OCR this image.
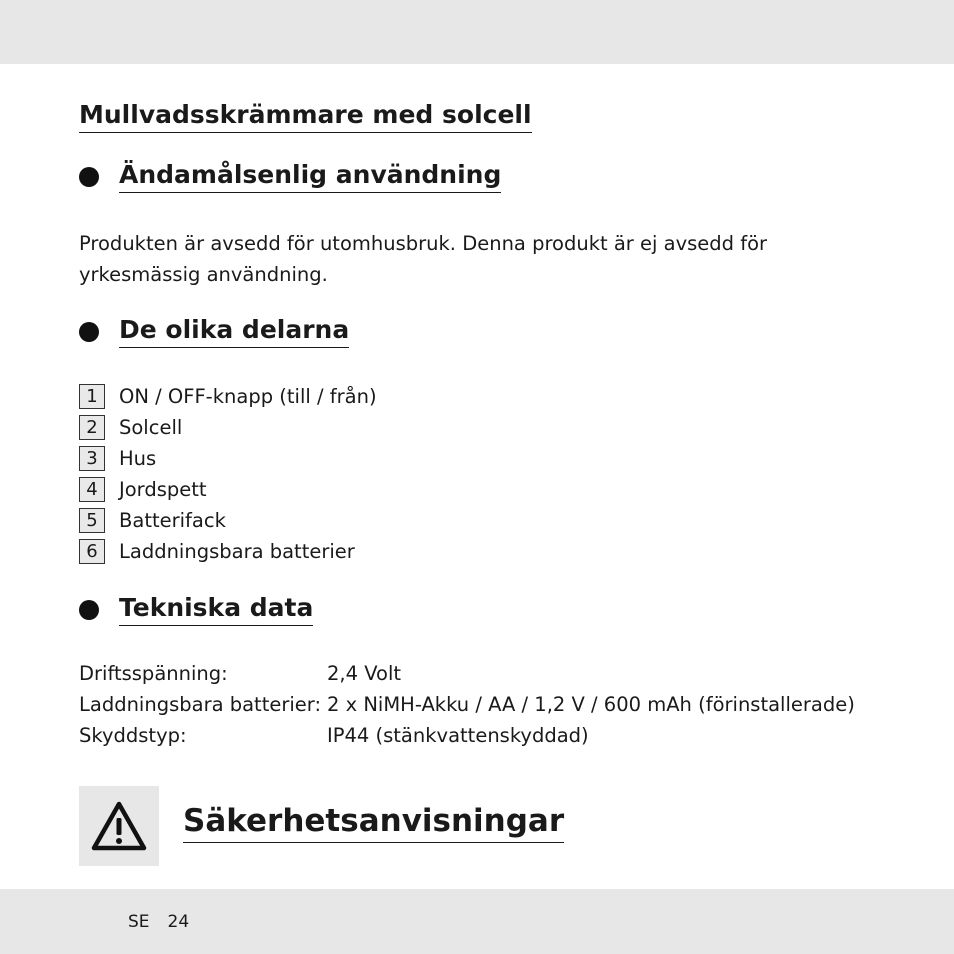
Mullvadsskrämmare med solcell
Ändamålsenlig användning
Produkten är avsedd för utomhusbruk. Denna produkt är ej avsedd för yrkesmässig användning.
De olika delarna
1	ON / OFF-knapp (till / från)
2	Solcell
3	Hus
4	Jordspett
5	Batterifack
6	Laddningsbara batterier
Tekniska data
Driftsspänning:	2,4 Volt
Laddningsbara batterier: 2 x NiMH-Akku / AA / 1,2 V / 600 mAh (förinstallerade)
Skyddstyp:	IP44 (stänkvattenskyddad)
Säkerhetsanvisningar
SE 24
